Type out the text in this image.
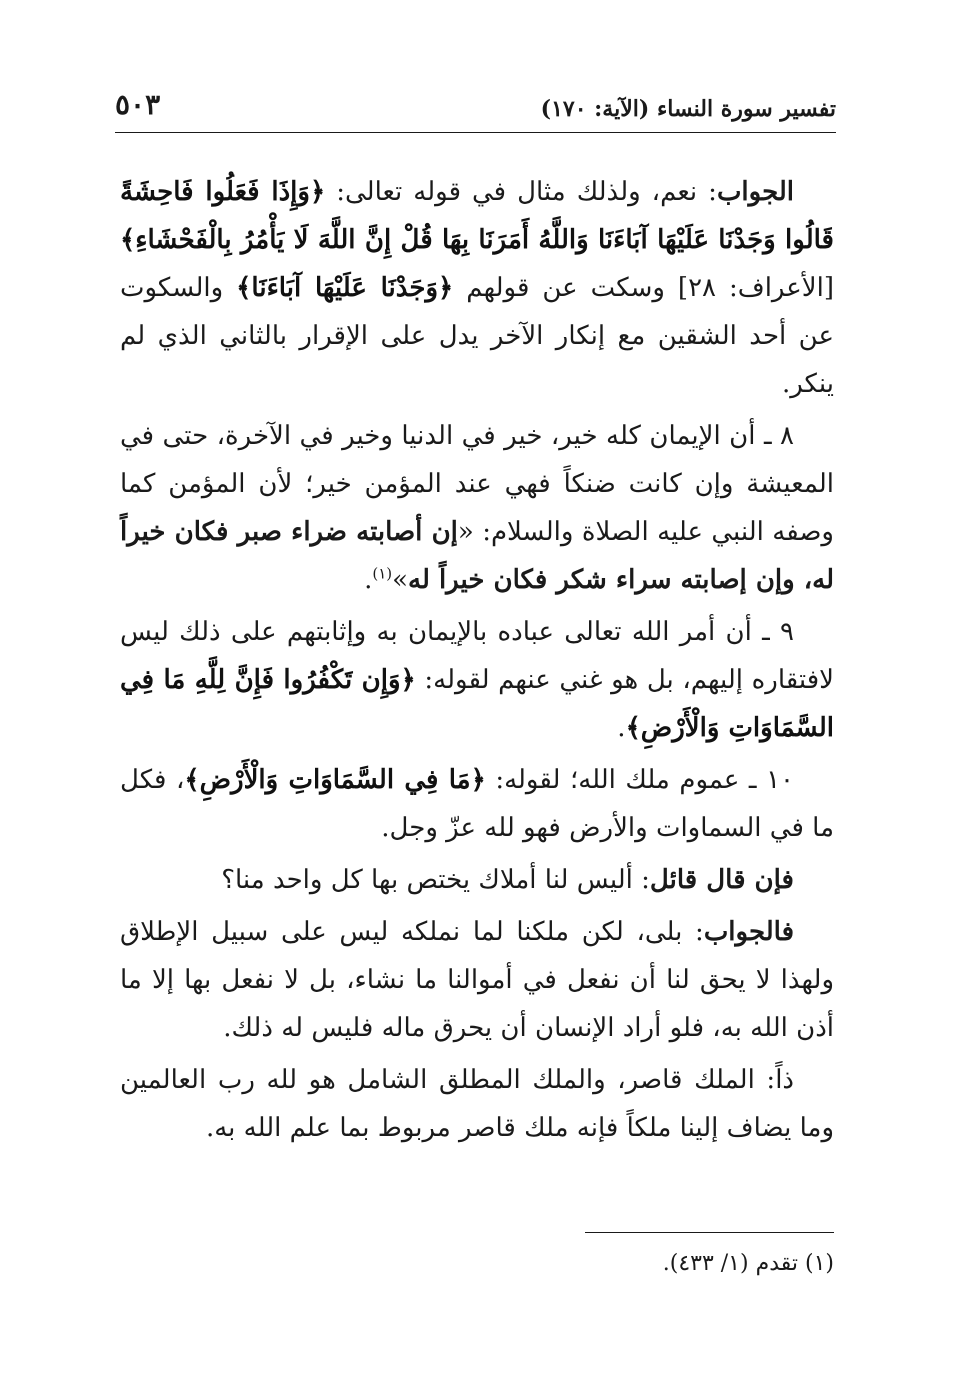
تفسير سورة النساء (الآية: ١٧٠)
٥٠٣

الجواب: نعم، ولذلك مثال في قوله تعالى: ﴿وَإِذَا فَعَلُوا فَاحِشَةً قَالُوا وَجَدْنَا عَلَيْهَا آبَاءَنَا وَاللَّهُ أَمَرَنَا بِهَا قُلْ إِنَّ اللَّهَ لَا يَأْمُرُ بِالْفَحْشَاءِ﴾ [الأعراف: ٢٨] وسكت عن قولهم ﴿وَجَدْنَا عَلَيْهَا آبَاءَنَا﴾ والسكوت عن أحد الشقين مع إنكار الآخر يدل على الإقرار بالثاني الذي لم ينكر.

٨ ـ أن الإيمان كله خير، خير في الدنيا وخير في الآخرة، حتى في المعيشة وإن كانت ضنكاً فهي عند المؤمن خير؛ لأن المؤمن كما وصفه النبي عليه الصلاة والسلام: «إن أصابته ضراء صبر فكان خيراً له، وإن إصابته سراء شكر فكان خيراً له»$^{(١)}$.

٩ ـ أن أمر الله تعالى عباده بالإيمان به وإثابتهم على ذلك ليس لافتقاره إليهم، بل هو غني عنهم لقوله: ﴿وَإِن تَكْفُرُوا فَإِنَّ لِلَّهِ مَا فِي السَّمَاوَاتِ وَالْأَرْضِ﴾.

١٠ ـ عموم ملك الله؛ لقوله: ﴿مَا فِي السَّمَاوَاتِ وَالْأَرْضِ﴾، فكل ما في السماوات والأرض فهو لله عزّ وجل.

فإن قال قائل: أليس لنا أملاك يختص بها كل واحد منا؟

فالجواب: بلى، لكن ملكنا لما نملكه ليس على سبيل الإطلاق ولهذا لا يحق لنا أن نفعل في أموالنا ما نشاء، بل لا نفعل بها إلا ما أذن الله به، فلو أراد الإنسان أن يحرق ماله فليس له ذلك.

ذاً: الملك قاصر، والملك المطلق الشامل هو لله رب العالمين وما يضاف إلينا ملكاً فإنه ملك قاصر مربوط بما علم الله به.

(١) تقدم (١/ ٤٣٣).
